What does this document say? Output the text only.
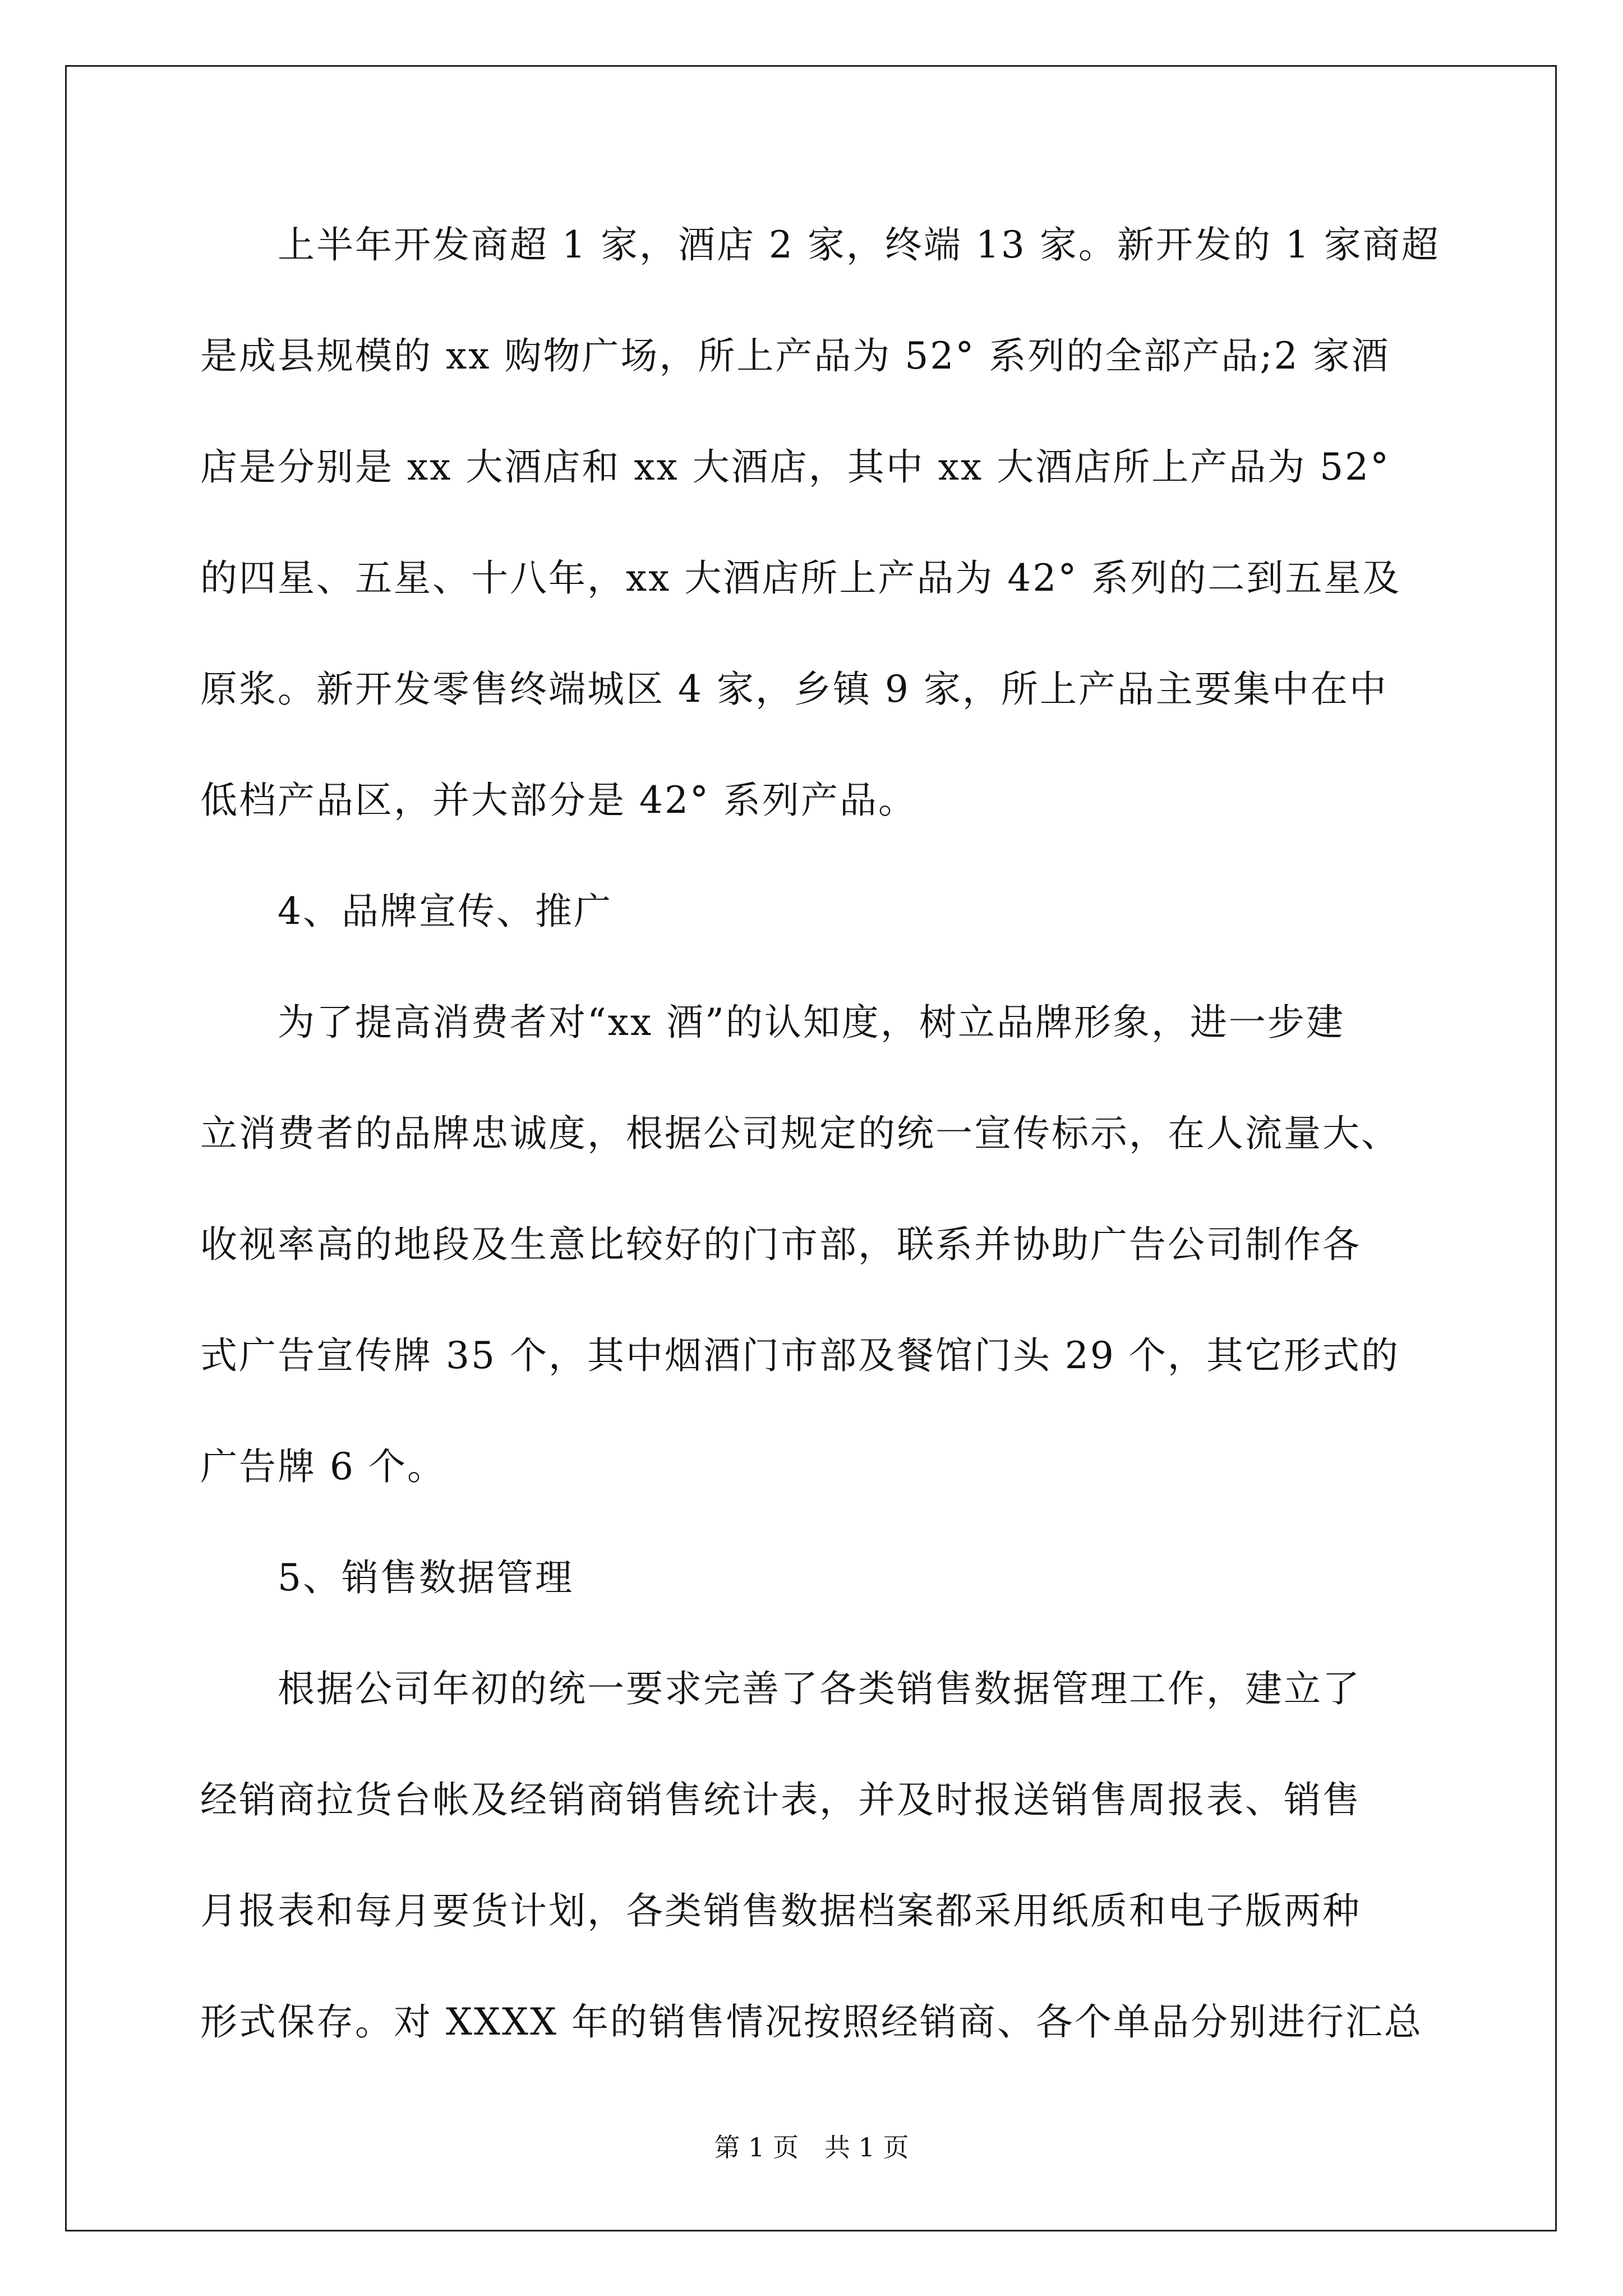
　　上半年开发商超 1 家，酒店 2 家，终端 13 家。新开发的 1 家商超
是成县规模的 xx 购物广场，所上产品为 52° 系列的全部产品;2 家酒
店是分别是 xx 大酒店和 xx 大酒店，其中 xx 大酒店所上产品为 52°
的四星、五星、十八年，xx 大酒店所上产品为 42° 系列的二到五星及
原浆。新开发零售终端城区 4 家，乡镇 9 家，所上产品主要集中在中
低档产品区，并大部分是 42° 系列产品。
　　4、品牌宣传、推广
　　为了提高消费者对“xx 酒”的认知度，树立品牌形象，进一步建
立消费者的品牌忠诚度，根据公司规定的统一宣传标示，在人流量大、
收视率高的地段及生意比较好的门市部，联系并协助广告公司制作各
式广告宣传牌 35 个，其中烟酒门市部及餐馆门头 29 个，其它形式的
广告牌 6 个。
　　5、销售数据管理
　　根据公司年初的统一要求完善了各类销售数据管理工作，建立了
经销商拉货台帐及经销商销售统计表，并及时报送销售周报表、销售
月报表和每月要货计划，各类销售数据档案都采用纸质和电子版两种
形式保存。对 XXXX 年的销售情况按照经销商、各个单品分别进行汇总
第 1 页　共 1 页
